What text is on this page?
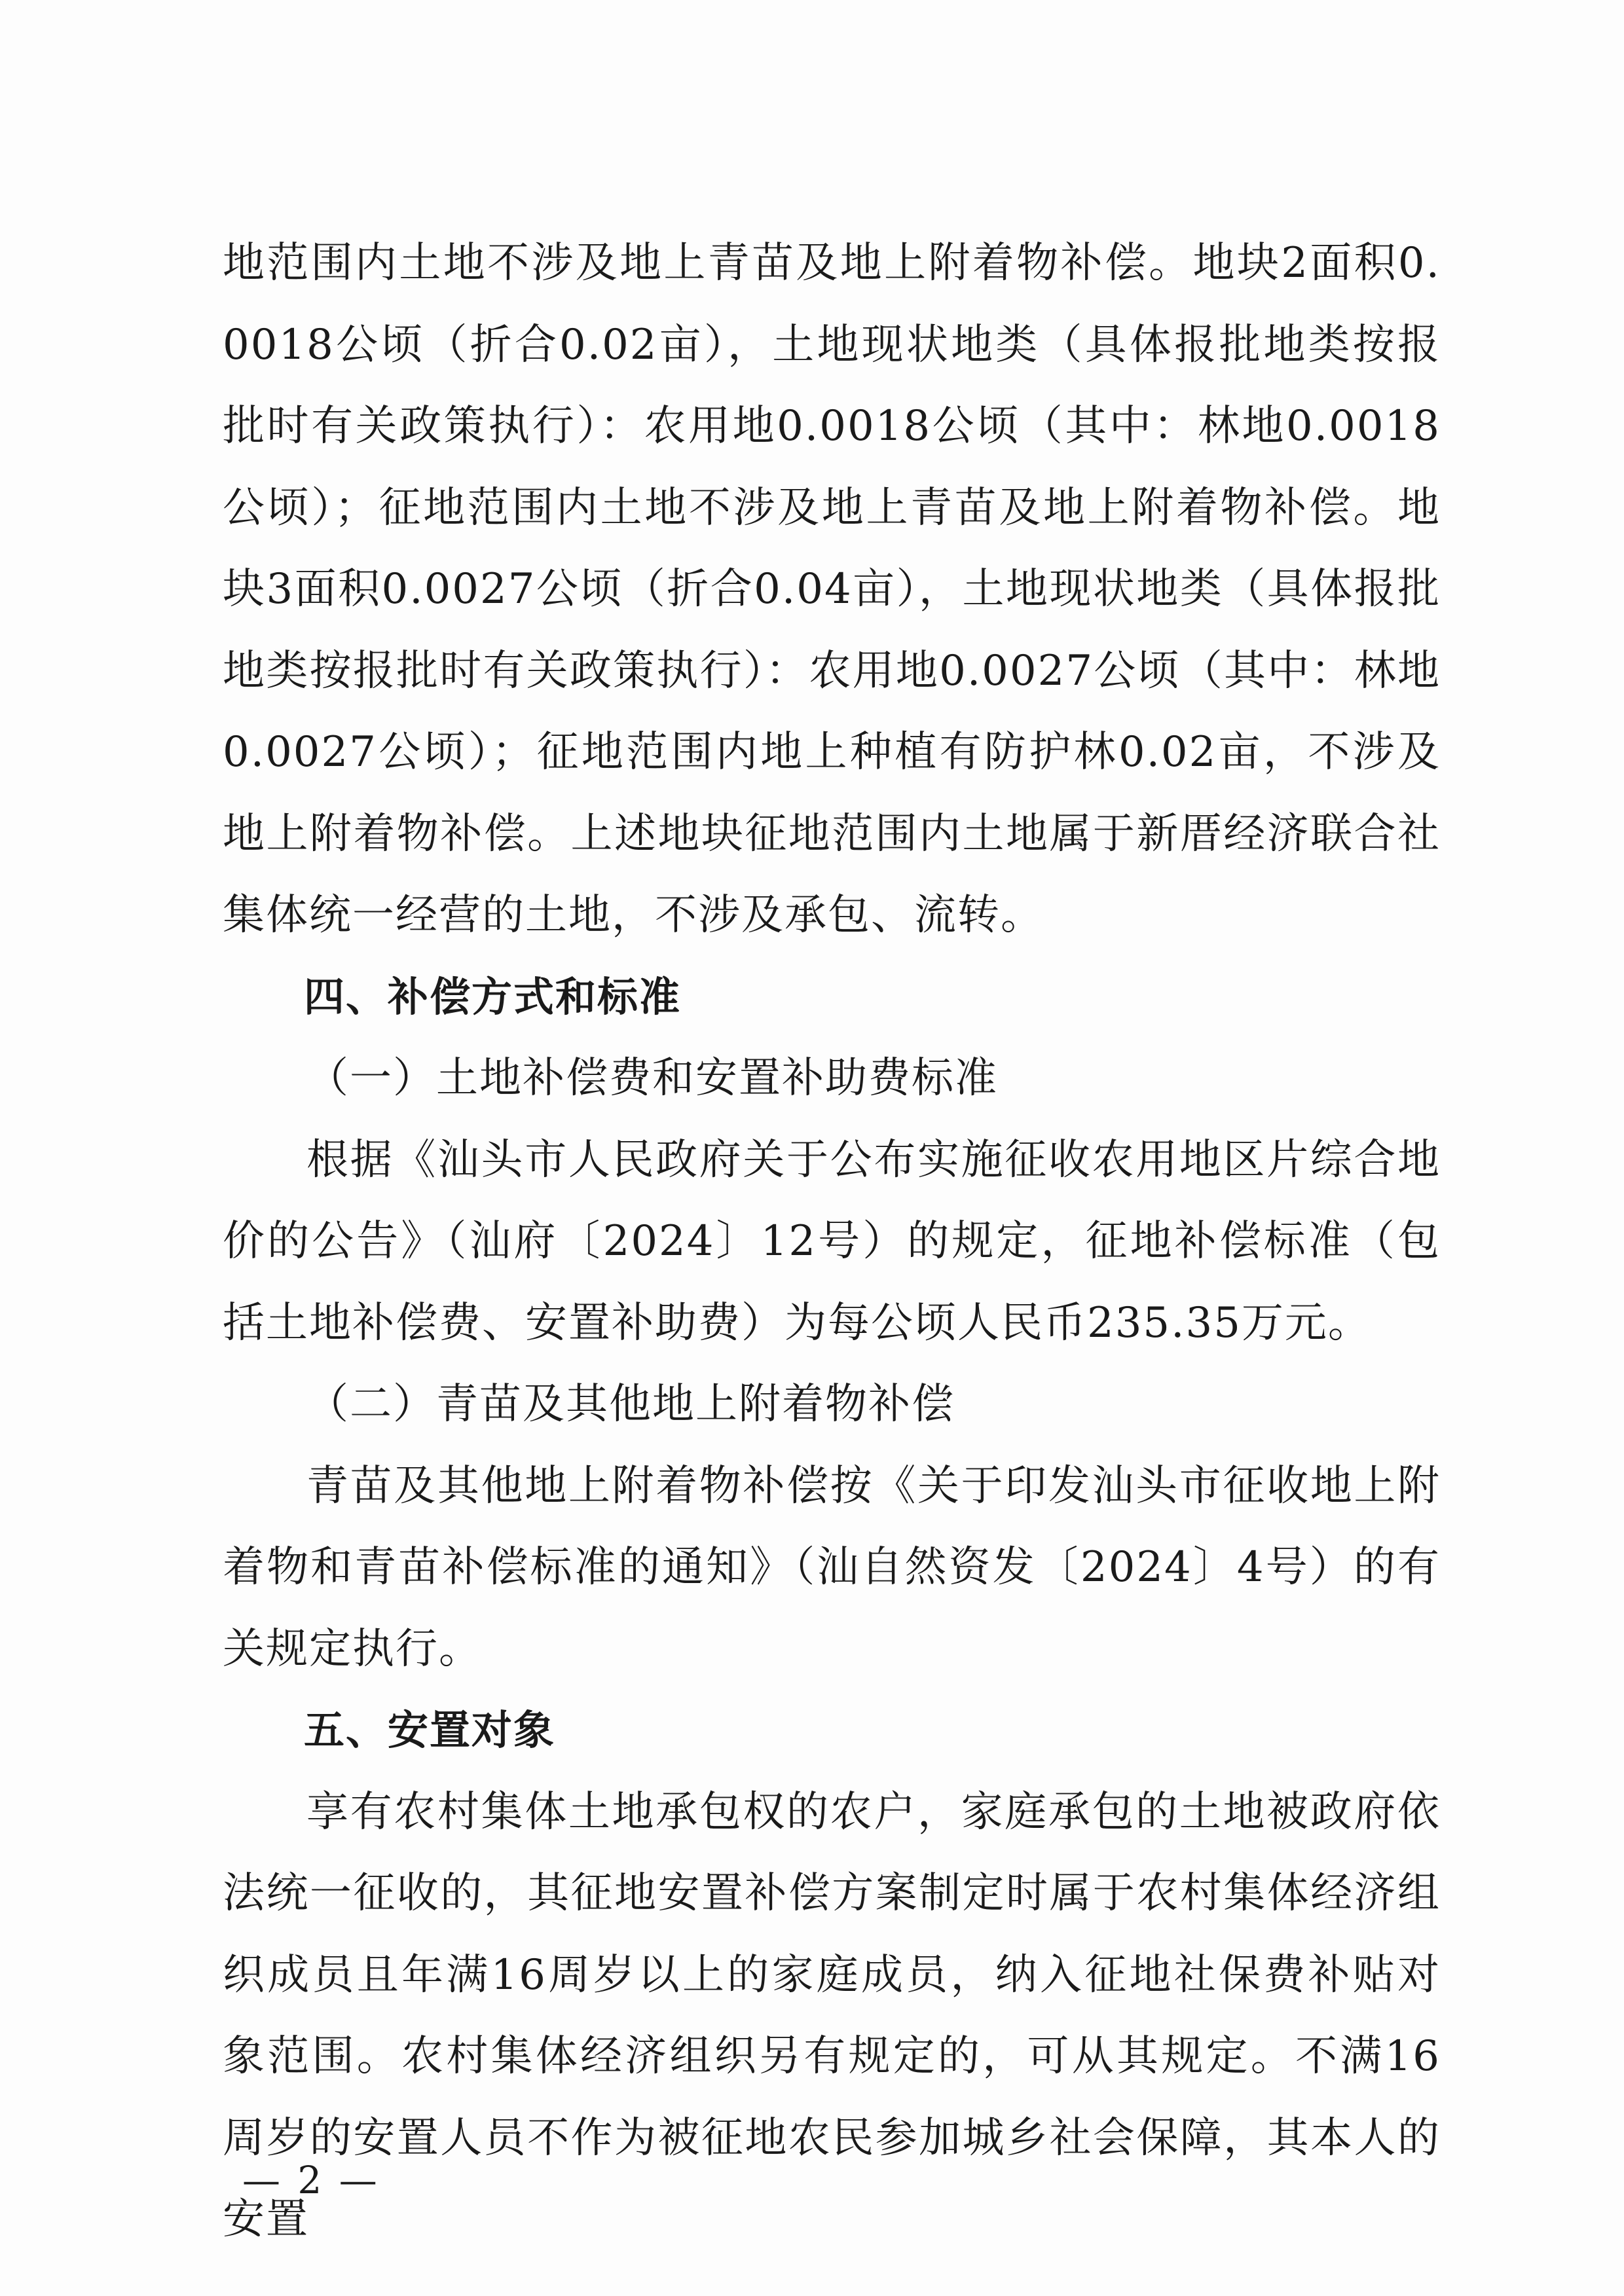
地范围内土地不涉及地上青苗及地上附着物补偿。地块2面积0.0018公顷（折合0.02亩），土地现状地类（具体报批地类按报批时有关政策执行）：农用地0.0018公顷（其中：林地0.0018公顷）；征地范围内土地不涉及地上青苗及地上附着物补偿。地块3面积0.0027公顷（折合0.04亩），土地现状地类（具体报批地类按报批时有关政策执行）：农用地0.0027公顷（其中：林地0.0027公顷）；征地范围内地上种植有防护林0.02亩，不涉及地上附着物补偿。上述地块征地范围内土地属于新厝经济联合社集体统一经营的土地，不涉及承包、流转。

四、补偿方式和标准

（一）土地补偿费和安置补助费标准

根据《汕头市人民政府关于公布实施征收农用地区片综合地价的公告》（汕府〔2024〕12号）的规定，征地补偿标准（包括土地补偿费、安置补助费）为每公顷人民币235.35万元。

（二）青苗及其他地上附着物补偿

青苗及其他地上附着物补偿按《关于印发汕头市征收地上附着物和青苗补偿标准的通知》（汕自然资发〔2024〕4号）的有关规定执行。

五、安置对象

享有农村集体土地承包权的农户，家庭承包的土地被政府依法统一征收的，其征地安置补偿方案制定时属于农村集体经济组织成员且年满16周岁以上的家庭成员，纳入征地社保费补贴对象范围。农村集体经济组织另有规定的，可从其规定。不满16周岁的安置人员不作为被征地农民参加城乡社会保障，其本人的安置

— 2 —
